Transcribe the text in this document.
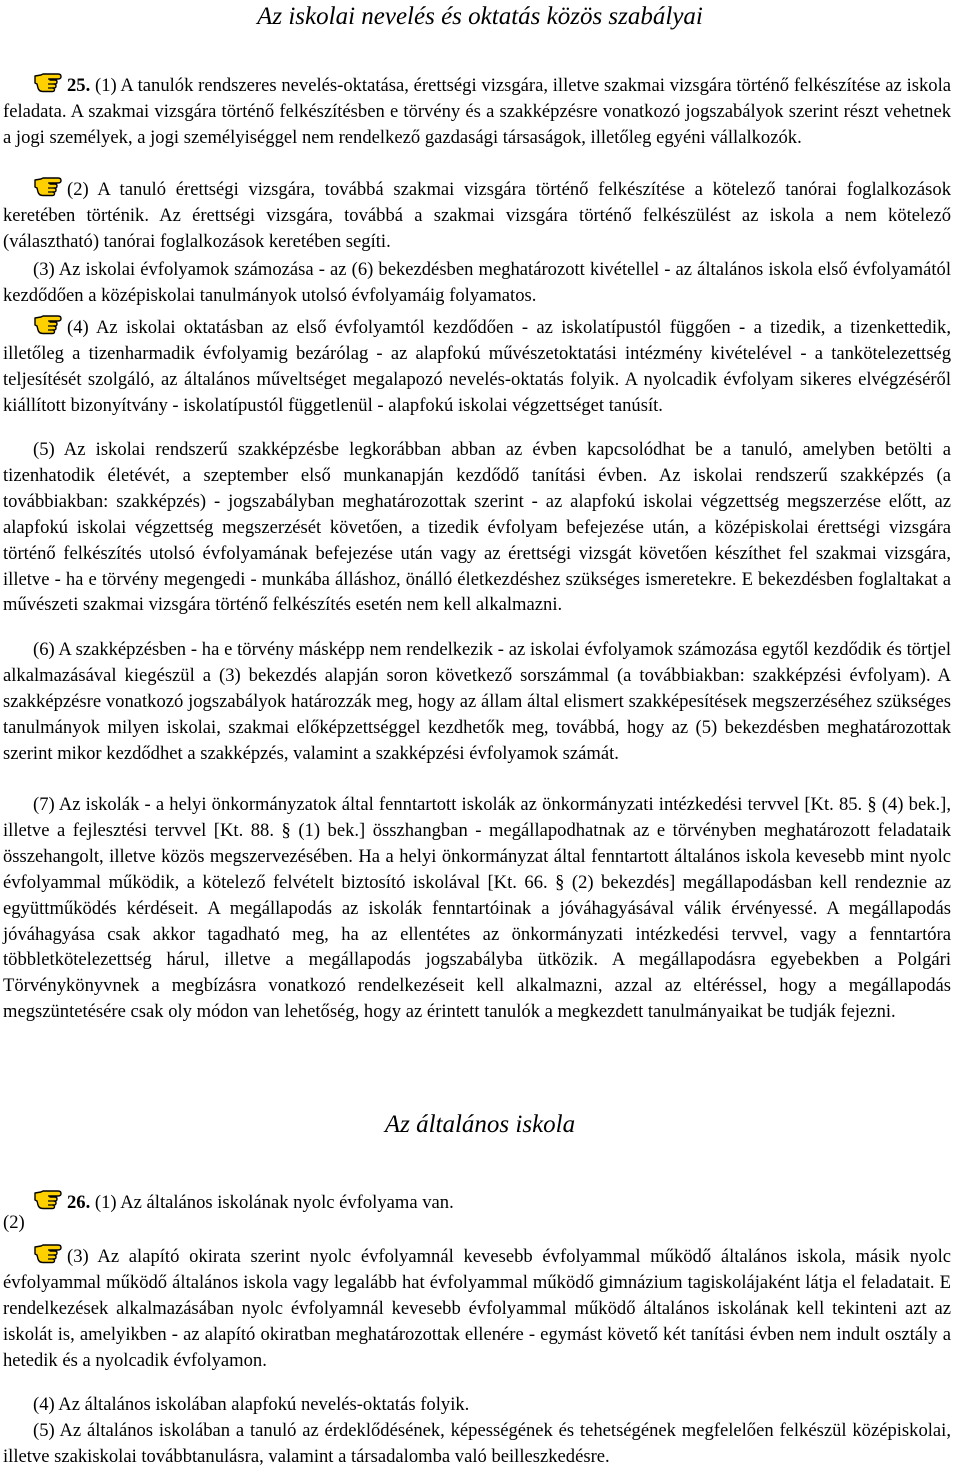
Az iskolai nevelés és oktatás közös szabályai

25. (1) A tanulók rendszeres nevelés-oktatása, érettségi vizsgára, illetve szakmai vizsgára történő felkészítése az iskola feladata. A szakmai vizsgára történő felkészítésben e törvény és a szakképzésre vonatkozó jogszabályok szerint részt vehetnek a jogi személyek, a jogi személyiséggel nem rendelkező gazdasági társaságok, illetőleg egyéni vállalkozók.

(2) A tanuló érettségi vizsgára, továbbá szakmai vizsgára történő felkészítése a kötelező tanórai foglalkozások keretében történik. Az érettségi vizsgára, továbbá a szakmai vizsgára történő felkészülést az iskola a nem kötelező (választható) tanórai foglalkozások keretében segíti.

(3) Az iskolai évfolyamok számozása - az (6) bekezdésben meghatározott kivétellel - az általános iskola első évfolyamától kezdődően a középiskolai tanulmányok utolsó évfolyamáig folyamatos.

(4) Az iskolai oktatásban az első évfolyamtól kezdődően - az iskolatípustól függően - a tizedik, a tizenkettedik, illetőleg a tizenharmadik évfolyamig bezárólag - az alapfokú művészetoktatási intézmény kivételével - a tankötelezettség teljesítését szolgáló, az általános műveltséget megalapozó nevelés-oktatás folyik. A nyolcadik évfolyam sikeres elvégzéséről kiállított bizonyítvány - iskolatípustól függetlenül - alapfokú iskolai végzettséget tanúsít.

(5) Az iskolai rendszerű szakképzésbe legkorábban abban az évben kapcsolódhat be a tanuló, amelyben betölti a tizenhatodik életévét, a szeptember első munkanapján kezdődő tanítási évben. Az iskolai rendszerű szakképzés (a továbbiakban: szakképzés) - jogszabályban meghatározottak szerint - az alapfokú iskolai végzettség megszerzése előtt, az alapfokú iskolai végzettség megszerzését követően, a tizedik évfolyam befejezése után, a középiskolai érettségi vizsgára történő felkészítés utolsó évfolyamának befejezése után vagy az érettségi vizsgát követően készíthet fel szakmai vizsgára, illetve - ha e törvény megengedi - munkába álláshoz, önálló életkezdéshez szükséges ismeretekre. E bekezdésben foglaltakat a művészeti szakmai vizsgára történő felkészítés esetén nem kell alkalmazni.

(6) A szakképzésben - ha e törvény másképp nem rendelkezik - az iskolai évfolyamok számozása egytől kezdődik és törtjel alkalmazásával kiegészül a (3) bekezdés alapján soron következő sorszámmal (a továbbiakban: szakképzési évfolyam). A szakképzésre vonatkozó jogszabályok határozzák meg, hogy az állam által elismert szakképesítések megszerzéséhez szükséges tanulmányok milyen iskolai, szakmai előképzettséggel kezdhetők meg, továbbá, hogy az (5) bekezdésben meghatározottak szerint mikor kezdődhet a szakképzés, valamint a szakképzési évfolyamok számát.

(7) Az iskolák - a helyi önkormányzatok által fenntartott iskolák az önkormányzati intézkedési tervvel [Kt. 85. § (4) bek.], illetve a fejlesztési tervvel [Kt. 88. § (1) bek.] összhangban - megállapodhatnak az e törvényben meghatározott feladataik összehangolt, illetve közös megszervezésében. Ha a helyi önkormányzat által fenntartott általános iskola kevesebb mint nyolc évfolyammal működik, a kötelező felvételt biztosító iskolával [Kt. 66. § (2) bekezdés] megállapodásban kell rendeznie az együttműködés kérdéseit. A megállapodás az iskolák fenntartóinak a jóváhagyásával válik érvényessé. A megállapodás jóváhagyása csak akkor tagadható meg, ha az ellentétes az önkormányzati intézkedési tervvel, vagy a fenntartóra többletkötelezettség hárul, illetve a megállapodás jogszabályba ütközik. A megállapodásra egyebekben a Polgári Törvénykönyvnek a megbízásra vonatkozó rendelkezéseit kell alkalmazni, azzal az eltéréssel, hogy a megállapodás megszüntetésére csak oly módon van lehetőség, hogy az érintett tanulók a megkezdett tanulmányaikat be tudják fejezni.

Az általános iskola

26. (1) Az általános iskolának nyolc évfolyama van.

(2)

(3) Az alapító okirata szerint nyolc évfolyamnál kevesebb évfolyammal működő általános iskola, másik nyolc évfolyammal működő általános iskola vagy legalább hat évfolyammal működő gimnázium tagiskolájaként látja el feladatait. E rendelkezések alkalmazásában nyolc évfolyamnál kevesebb évfolyammal működő általános iskolának kell tekinteni azt az iskolát is, amelyikben - az alapító okiratban meghatározottak ellenére - egymást követő két tanítási évben nem indult osztály a hetedik és a nyolcadik évfolyamon.

(4) Az általános iskolában alapfokú nevelés-oktatás folyik.

(5) Az általános iskolában a tanuló az érdeklődésének, képességének és tehetségének megfelelően felkészül középiskolai, illetve szakiskolai továbbtanulásra, valamint a társadalomba való beilleszkedésre.
